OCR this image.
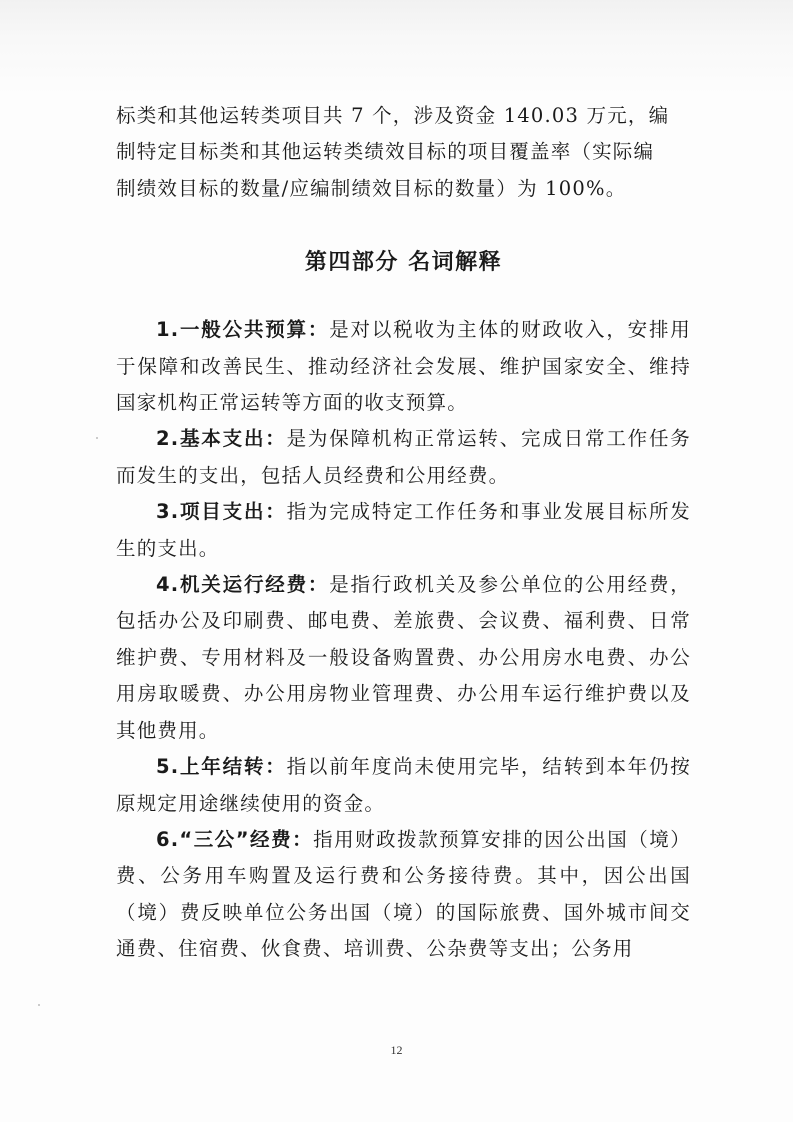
标类和其他运转类项目共 7 个，涉及资金 140.03 万元，编

制特定目标类和其他运转类绩效目标的项目覆盖率（实际编

制绩效目标的数量/应编制绩效目标的数量）为 100%。

第四部分 名词解释

1.一般公共预算：是对以税收为主体的财政收入，安排用于保障和改善民生、推动经济社会发展、维护国家安全、维持国家机构正常运转等方面的收支预算。

2.基本支出：是为保障机构正常运转、完成日常工作任务而发生的支出，包括人员经费和公用经费。

3.项目支出：指为完成特定工作任务和事业发展目标所发生的支出。

4.机关运行经费：是指行政机关及参公单位的公用经费，包括办公及印刷费、邮电费、差旅费、会议费、福利费、日常维护费、专用材料及一般设备购置费、办公用房水电费、办公用房取暖费、办公用房物业管理费、办公用车运行维护费以及其他费用。

5.上年结转：指以前年度尚未使用完毕，结转到本年仍按原规定用途继续使用的资金。

6.“三公”经费：指用财政拨款预算安排的因公出国（境）费、公务用车购置及运行费和公务接待费。其中，因公出国（境）费反映单位公务出国（境）的国际旅费、国外城市间交通费、住宿费、伙食费、培训费、公杂费等支出；公务用

12
